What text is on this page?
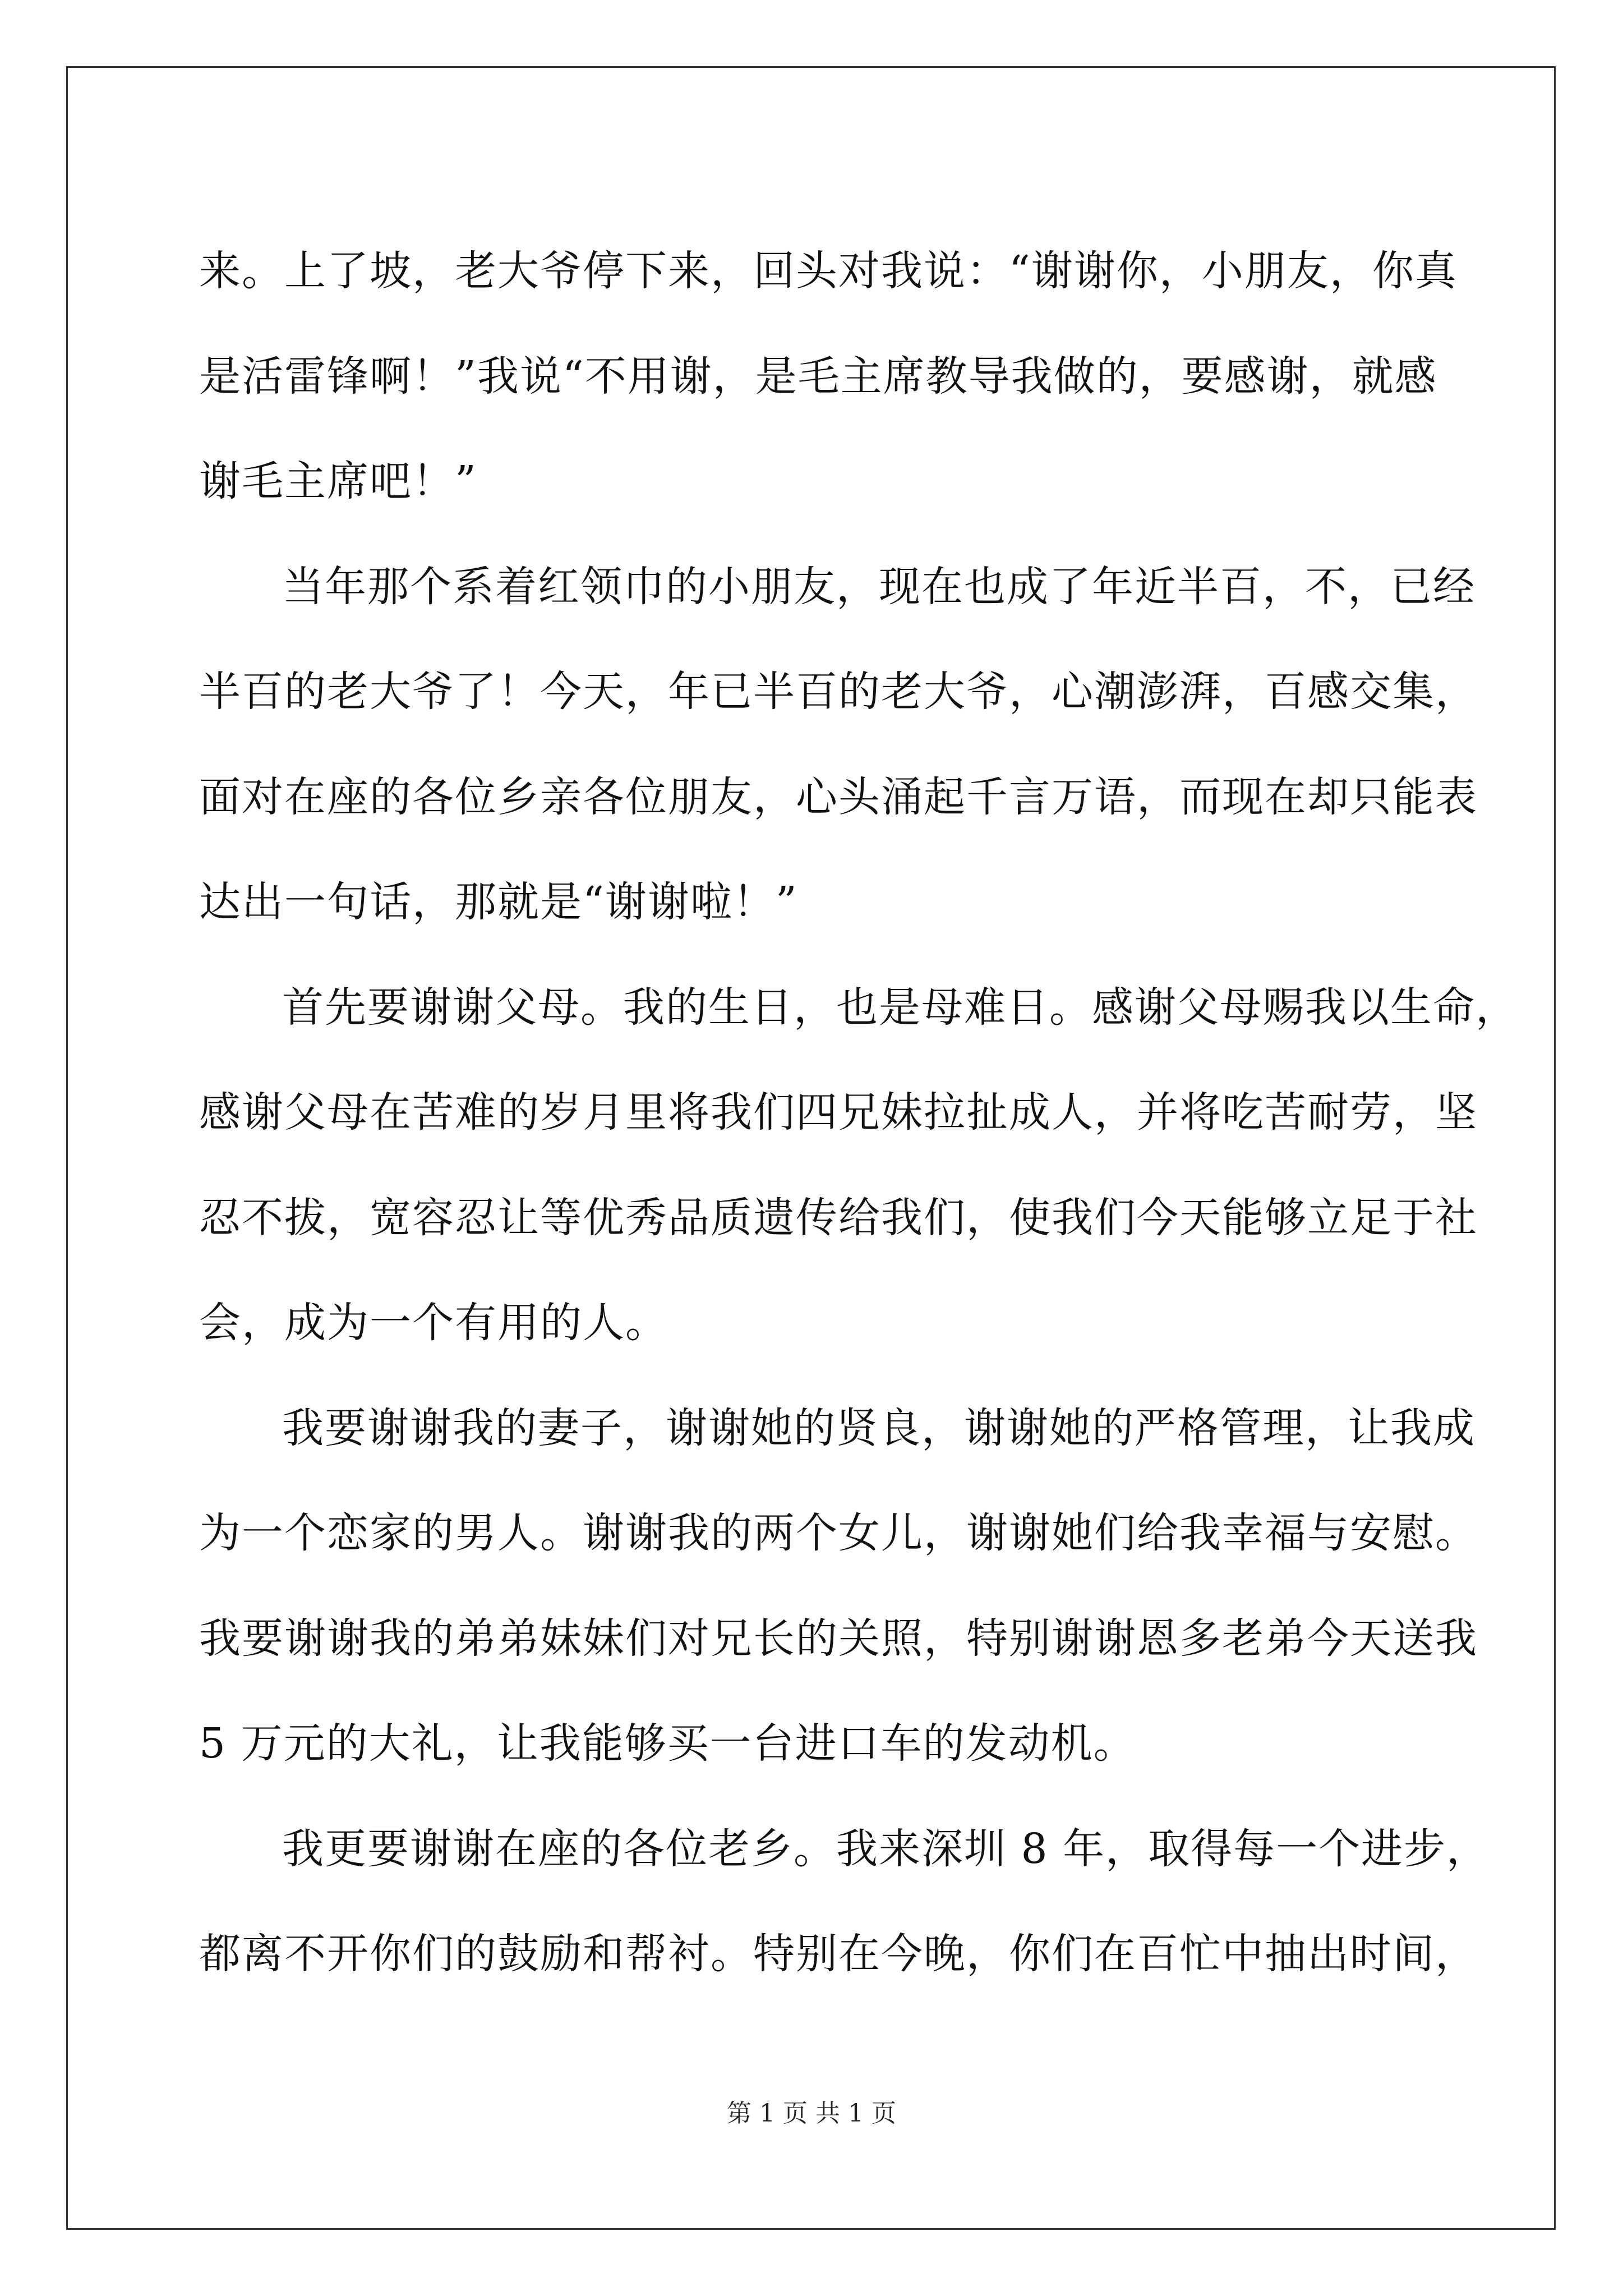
来。上了坡，老大爷停下来，回头对我说：“谢谢你，小朋友，你真
是活雷锋啊！”我说“不用谢，是毛主席教导我做的，要感谢，就感
谢毛主席吧！”
当年那个系着红领巾的小朋友，现在也成了年近半百，不，已经
半百的老大爷了！今天，年已半百的老大爷，心潮澎湃，百感交集，
面对在座的各位乡亲各位朋友，心头涌起千言万语，而现在却只能表
达出一句话，那就是“谢谢啦！”
首先要谢谢父母。我的生日，也是母难日。感谢父母赐我以生命，
感谢父母在苦难的岁月里将我们四兄妹拉扯成人，并将吃苦耐劳，坚
忍不拔，宽容忍让等优秀品质遗传给我们，使我们今天能够立足于社
会，成为一个有用的人。
我要谢谢我的妻子，谢谢她的贤良，谢谢她的严格管理，让我成
为一个恋家的男人。谢谢我的两个女儿，谢谢她们给我幸福与安慰。
我要谢谢我的弟弟妹妹们对兄长的关照，特别谢谢恩多老弟今天送我
5 万元的大礼，让我能够买一台进口车的发动机。
我更要谢谢在座的各位老乡。我来深圳 8 年，取得每一个进步，
都离不开你们的鼓励和帮衬。特别在今晚，你们在百忙中抽出时间，
第 1 页 共 1 页
